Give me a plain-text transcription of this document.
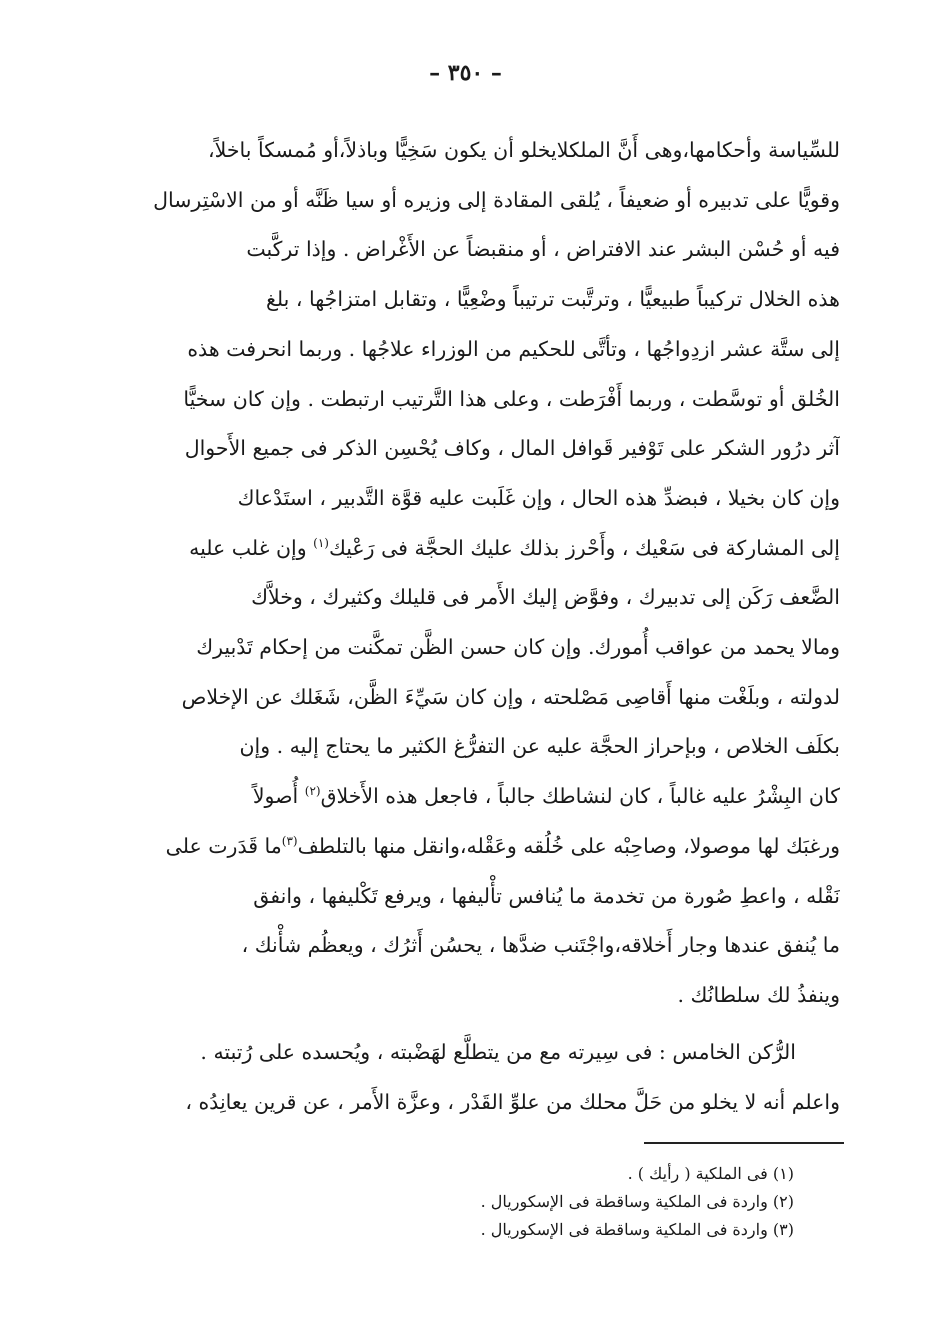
– ٣٥٠ –
للسِّياسة وأحكامها،وهى أَنَّ الملكلايخلو أن يكون سَخِيًّا وباذلاً،أو مُمسكاً باخلاً،
وقويًّا على تدبيره أو ضعيفاً ، يُلقى المقادة إلى وزيره أو سيا ظَنَّه أو من الاسْتِرسال
فيه أو حُسْن البشر عند الافتراض ، أو منقبضاً عن الأَغْراض . وإذا تركَّبت
هذه الخلال تركيباً طبيعيًّا ، وترتَّبت ترتيباً وضْعِيًّا ، وتقابل امتزاجُها ، بلغ
إلى ستَّة عشر ازدِواجُها ، وتأتَّى للحكيم من الوزراء علاجُها . وربما انحرفت هذه
الخُلق أو توسَّطت ، وربما أَفْرَطت ، وعلى هذا التَّرتيب ارتبطت . وإن كان سخيًّا
آثر درُور الشكر على تَوْفير قَوافل المال ، وكاف يُحْسِن الذكر فى جميع الأَحوال
وإن كان بخيلا ، فبضدِّ هذه الحال ، وإن غَلَبت عليه قوَّة التَّدبير ، استَدْعاك
إلى المشاركة فى سَعْيك ، وأَحْرز بذلك عليك الحجَّة فى رَعْيك$^{(١)}$ وإن غلب عليه
الضَّعف رَكَن إلى تدبيرك ، وفوَّض إليك الأَمر فى قليلك وكثيرك ، وخلاَّك
ومالا يحمد من عواقب أُمورك. وإن كان حسن الظَّن تمكَّنت من إحكام تَدْبيرك
لدولته ، وبلَغْت منها أَقاصِى مَصْلحته ، وإن كان سَيِّءَ الظَّن، شَغَلك عن الإخلاص
بكلَف الخلاص ، وبإحراز الحجَّة عليه عن التفرُّغ الكثير ما يحتاج إليه . وإن
كان البِشْرُ عليه غالباً ، كان لنشاطك جالباً ، فاجعل هذه الأَخلاق$^{(٢)}$ أُصولاً
ورغبَك لها موصولا، وصاحِبْه على خُلُقه وعَقْله،وانقل منها بالتلطف$^{(٣)}$ما قَدَرت على
نَقْله ، واعطِ صُورة من تخدمة ما يُنافس تأْليفها ، ويرفع تَكْليفها ، وانفق
ما يُنفق عندها وجار أَخلاقه،واجْتَنب ضدَّها ، يحسُن أَثرُك ، ويعظُم شأْنك ،
وينفذُ لك سلطانُك .
الرُّكن الخامس : فى سِيرته مع من يتطلَّع لهَضْبته ، ويُحسده على رُتبته .
واعلم أنه لا يخلو من حَلَّ محلك من علوِّ القَدْر ، وعزَّة الأَمر ، عن قرين يعانِدُه ،
(١) فى الملكية ( رأيك ) .
(٢) واردة فى الملكية وساقطة فى الإسكوريال .
(٣) واردة فى الملكية وساقطة فى الإسكوريال .
